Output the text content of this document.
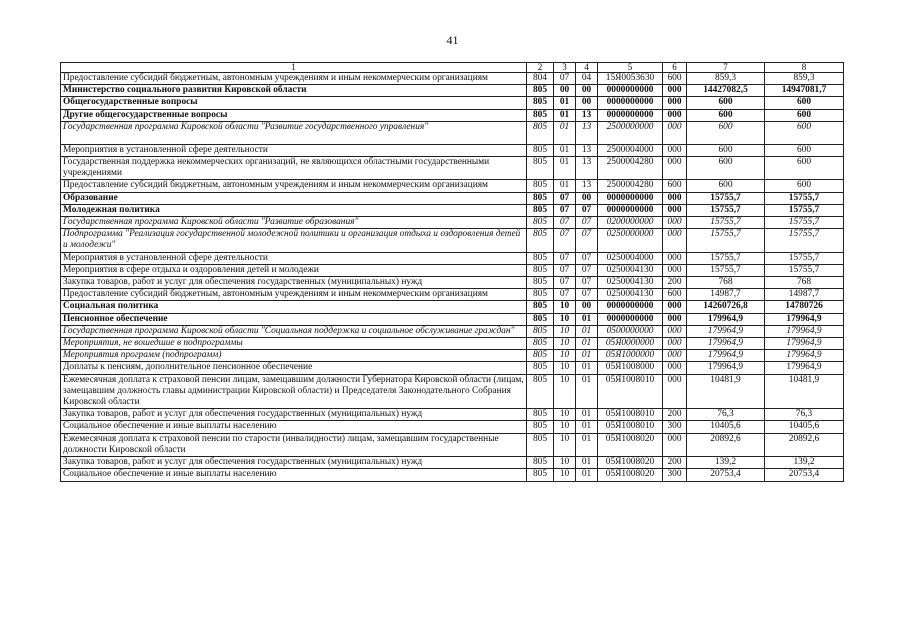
41
1	2	3	4	5	6	7	8
Предоставление субсидий бюджетным, автономным учреждениям и иным некоммерческим организациям	804	07	04	15Я0053630	600	859,3	859,3
Министерство социального развития Кировской области	805	00	00	0000000000	000	14427082,5	14947081,7
Общегосударственные вопросы	805	01	00	0000000000	000	600	600
Другие общегосударственные вопросы	805	01	13	0000000000	000	600	600
Государственная программа Кировской области "Развитие государственного управления"	805	01	13	2500000000	000	600	600
Мероприятия в установленной сфере деятельности	805	01	13	2500004000	000	600	600
Государственная поддержка некоммерческих организаций, не являющихся областными государственными учреждениями	805	01	13	2500004280	000	600	600
Предоставление субсидий бюджетным, автономным учреждениям и иным некоммерческим организациям	805	01	13	2500004280	600	600	600
Образование	805	07	00	0000000000	000	15755,7	15755,7
Молодежная политика	805	07	07	0000000000	000	15755,7	15755,7
Государственная программа Кировской области "Развитие образования"	805	07	07	0200000000	000	15755,7	15755,7
Подпрограмма "Реализация государственной молодежной политики и организация отдыха и оздоровления детей и молодежи"	805	07	07	0250000000	000	15755,7	15755,7
Мероприятия в установленной сфере деятельности	805	07	07	0250004000	000	15755,7	15755,7
Мероприятия в сфере отдыха и оздоровления детей и молодежи	805	07	07	0250004130	000	15755,7	15755,7
Закупка товаров, работ и услуг для обеспечения государственных (муниципальных) нужд	805	07	07	0250004130	200	768	768
Предоставление субсидий бюджетным, автономным учреждениям и иным некоммерческим организациям	805	07	07	0250004130	600	14987,7	14987,7
Социальная политика	805	10	00	0000000000	000	14260726,8	14780726
Пенсионное обеспечение	805	10	01	0000000000	000	179964,9	179964,9
Государственная программа Кировской области "Социальная поддержка и социальное обслуживание граждан"	805	10	01	0500000000	000	179964,9	179964,9
Мероприятия, не вошедшие в подпрограммы	805	10	01	05Я0000000	000	179964,9	179964,9
Мероприятия программ (подпрограмм)	805	10	01	05Я1000000	000	179964,9	179964,9
Доплаты к пенсиям, дополнительное пенсионное обеспечение	805	10	01	05Я1008000	000	179964,9	179964,9
Ежемесячная доплата к страховой пенсии лицам, замещавшим должности Губернатора Кировской области (лицам, замещавшим должность главы администрации Кировской области) и Председателя Законодательного Собрания Кировской области	805	10	01	05Я1008010	000	10481,9	10481,9
Закупка товаров, работ и услуг для обеспечения государственных (муниципальных) нужд	805	10	01	05Я1008010	200	76,3	76,3
Социальное обеспечение и иные выплаты населению	805	10	01	05Я1008010	300	10405,6	10405,6
Ежемесячная доплата к страховой пенсии по старости (инвалидности) лицам, замещавшим государственные должности Кировской области	805	10	01	05Я1008020	000	20892,6	20892,6
Закупка товаров, работ и услуг для обеспечения государственных (муниципальных) нужд	805	10	01	05Я1008020	200	139,2	139,2
Социальное обеспечение и иные выплаты населению	805	10	01	05Я1008020	300	20753,4	20753,4
